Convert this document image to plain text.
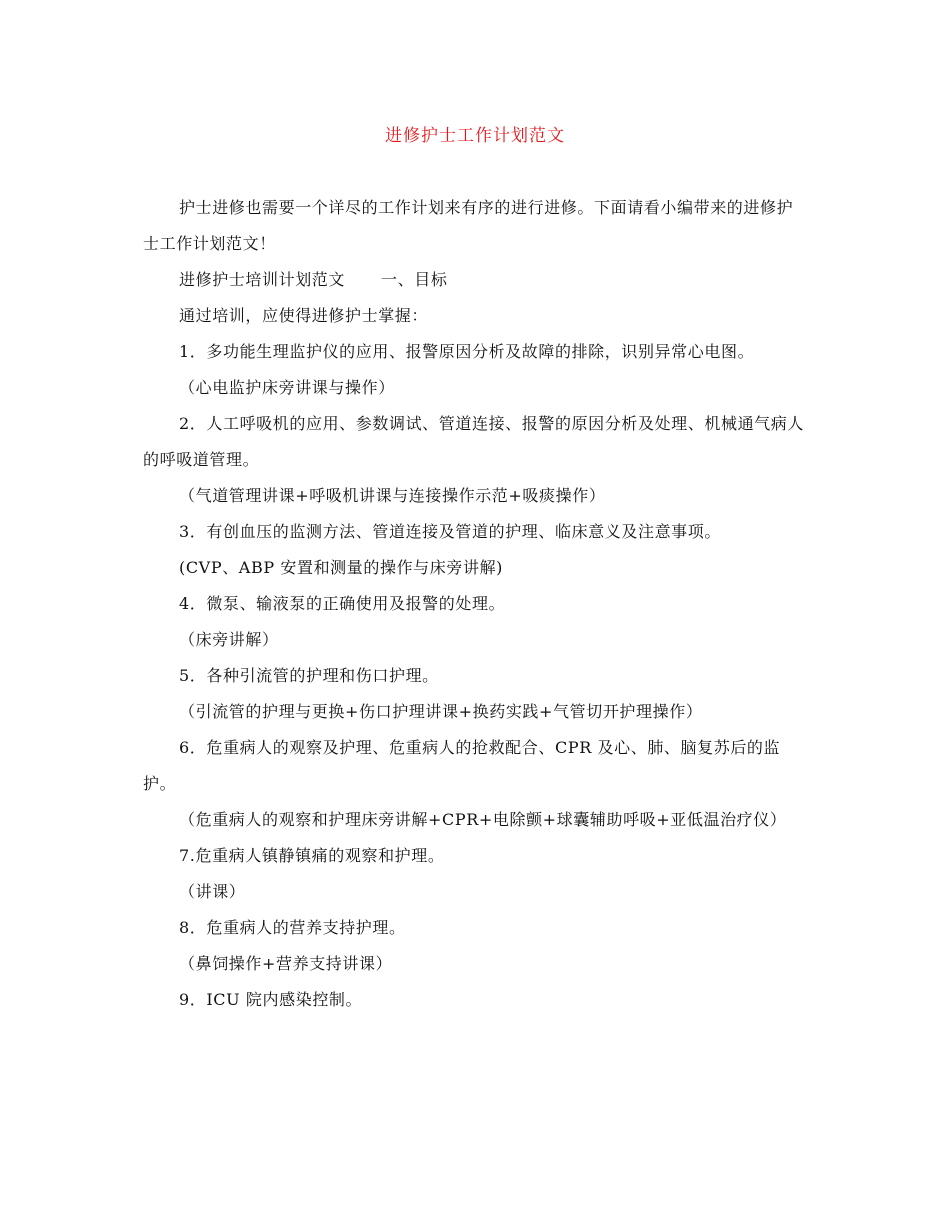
进修护士工作计划范文

护士进修也需要一个详尽的工作计划来有序的进行进修。下面请看小编带来的进修护士工作计划范文！

进修护士培训计划范文 一、目标

通过培训，应使得进修护士掌握：

1．多功能生理监护仪的应用、报警原因分析及故障的排除，识别异常心电图。

（心电监护床旁讲课与操作）

2．人工呼吸机的应用、参数调试、管道连接、报警的原因分析及处理、机械通气病人的呼吸道管理。

（气道管理讲课+呼吸机讲课与连接操作示范+吸痰操作）

3．有创血压的监测方法、管道连接及管道的护理、临床意义及注意事项。

(CVP、ABP 安置和测量的操作与床旁讲解)

4．微泵、输液泵的正确使用及报警的处理。

（床旁讲解）

5．各种引流管的护理和伤口护理。

（引流管的护理与更换+伤口护理讲课+换药实践+气管切开护理操作）

6．危重病人的观察及护理、危重病人的抢救配合、CPR 及心、肺、脑复苏后的监护。

（危重病人的观察和护理床旁讲解+CPR+电除颤+球囊辅助呼吸+亚低温治疗仪）

7.危重病人镇静镇痛的观察和护理。

（讲课）

8．危重病人的营养支持护理。

（鼻饲操作+营养支持讲课）

9．ICU 院内感染控制。
